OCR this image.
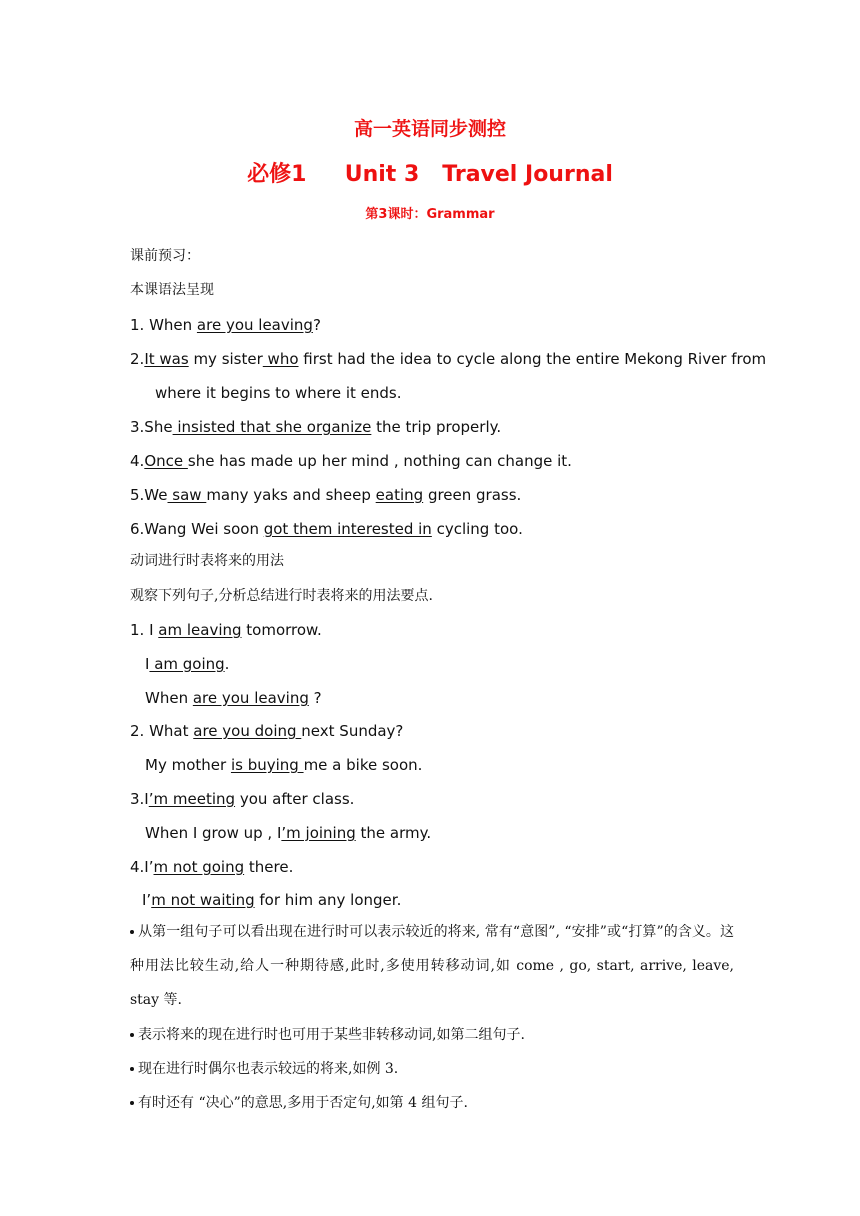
高一英语同步测控
必修1     Unit 3   Travel Journal
第3课时：Grammar
课前预习：
本课语法呈现
1. When are you leaving?
2.It was my sister who first had the idea to cycle along the entire Mekong River from
where it begins to where it ends.
3.She insisted that she organize the trip properly.
4.Once she has made up her mind , nothing can change it.
5.We saw many yaks and sheep eating green grass.
6.Wang Wei soon got them interested in cycling too.
动词进行时表将来的用法
观察下列句子,分析总结进行时表将来的用法要点.
1. I am leaving tomorrow.
I am going.
When are you leaving ?
2. What are you doing next Sunday?
My mother is buying me a bike soon.
3.I’m meeting you after class.
When I grow up , I’m joining the army.
4.I’m not going there.
I’m not waiting for him any longer.
从第一组句子可以看出现在进行时可以表示较近的将来, 常有“意图”, “安排”或“打算”的含义。这种用法比较生动,给人一种期待感,此时,多使用转移动词,如 come , go, start, arrive, leave, stay 等.
表示将来的现在进行时也可用于某些非转移动词,如第二组句子.
现在进行时偶尔也表示较远的将来,如例 3.
有时还有 “决心”的意思,多用于否定句,如第 4 组句子.
